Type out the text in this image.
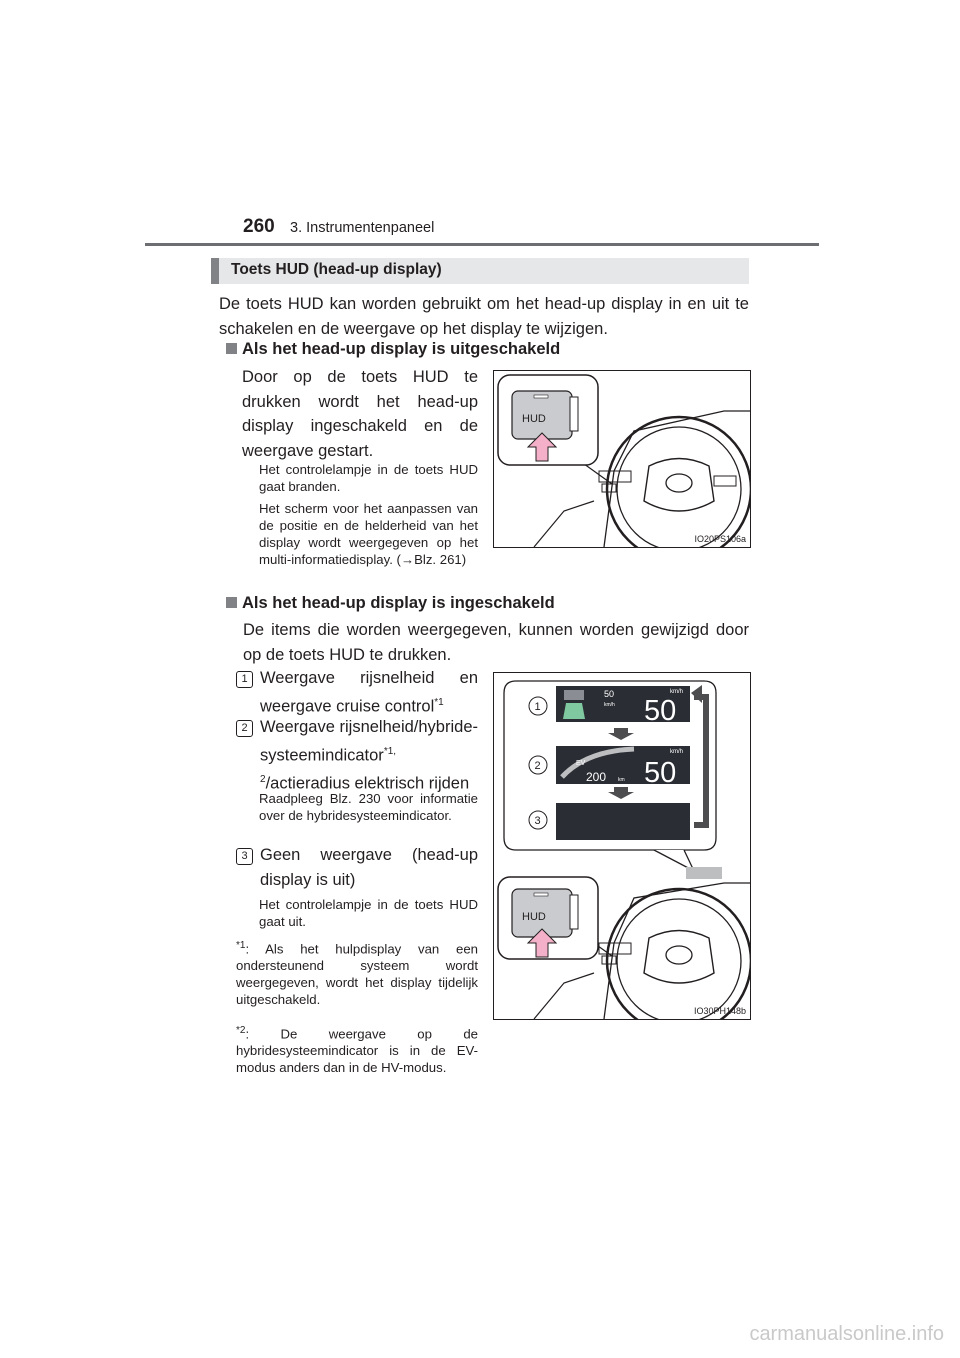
260 3. Instrumentenpaneel
Toets HUD (head-up display)
De toets HUD kan worden gebruikt om het head-up display in en uit te schakelen en de weergave op het display te wijzigen.
Als het head-up display is uitgeschakeld
Door op de toets HUD te drukken wordt het head-up display ingeschakeld en de weergave gestart.
Het controlelampje in de toets HUD gaat branden.
Het scherm voor het aanpassen van de positie en de helderheid van het display wordt weergegeven op het multi-informatiedisplay. (→Blz. 261)
HUD
IO20PS106a
Als het head-up display is ingeschakeld
De items die worden weergegeven, kunnen worden gewijzigd door op de toets HUD te drukken.
1 Weergave rijsnelheid en weergave cruise control$^{*1}$
2 Weergave rijsnelheid/hybride-systeemindicator$^{*1, 2}$/actieradius elektrisch rijden
Raadpleeg Blz. 230 voor informatie over de hybridesysteemindicator.
3 Geen weergave (head-up display is uit)
Het controlelampje in de toets HUD gaat uit.
$^{*1}$: Als het hulpdisplay van een ondersteunend systeem wordt weergegeven, wordt het display tijdelijk uitgeschakeld.
$^{*2}$: De weergave op de hybridesysteemindicator is in de EV-modus anders dan in de HV-modus.
50
km/h
km/h
50
EV
200 km
km/h
50
1
2
3
HUD
IO30PH148b
carmanualsonline.info
